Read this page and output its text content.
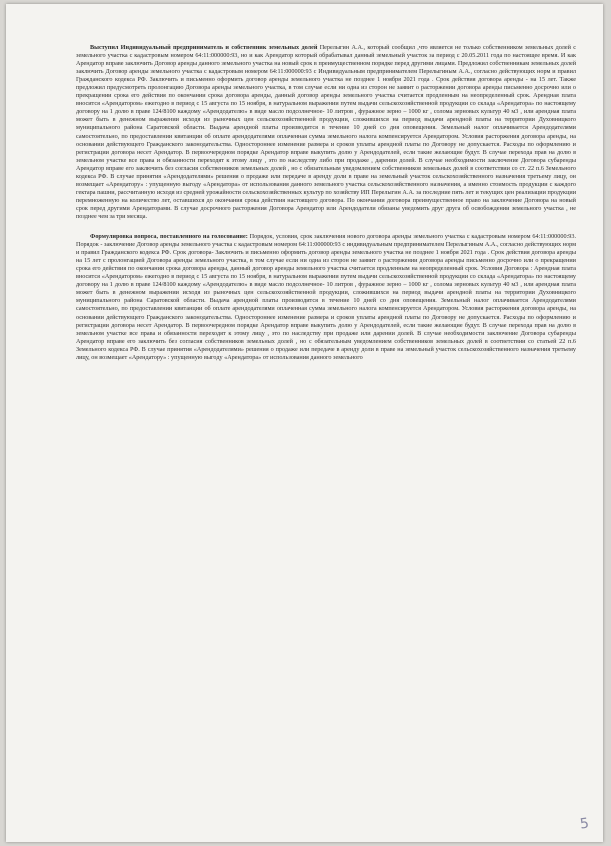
Выступил Индивидуальный предприниматель и собственник земельных долей Перелыгин А.А., который сообщил ,что является не только собственником земельных долей с земельного участка с кадастровым номером 64:11:000000:93, но и как Арендатор который обрабатывал данный земельный участок за период с 20.05.2011 года по настоящее время. И как Арендатор вправе заключить Договор аренды данного земельного участка на новый срок в преимущественном порядке перед другими лицами. Предложил собственникам земельных долей заключить Договор аренды земельного участка с кадастровым номером 64:11:000000:93 с Индивидуальным предпринимателем Перелыгиным А.А., согласно действующих норм и правил Гражданского кодекса РФ. Заключить и письменно оформить договор аренды земельного участка не позднее 1 ноября 2021 года . Срок действия договора аренды - на 15 лет. Также предложил предусмотреть пролонгацию Договора аренды земельного участка, в том случае если ни одна из сторон не заявит о расторжении договора аренды письменно досрочно или о прекращении срока его действия по окончании срока договора аренды, данный договор аренды земельного участка считается продленным на неопределенный срок. Арендная плата вносится «Арендатором» ежегодно в период с 15 августа по 15 ноября, в натуральном выражении путем выдачи сельскохозяйственной продукции со склада «Арендатора» по настоящему договору на 1 долю в праве 124/8100 каждому «Арендодателю» в виде масло подсолнечное- 10 литров , фуражное зерно – 1000 кг , солома зерновых культур 40 м3 , или арендная плата может быть в денежном выражении исходя из рыночных цен сельскохозяйственной продукции, сложившихся на период выдачи арендной платы на территории Духовницкого муниципального района Саратовской области. Выдача арендной платы производится в течение 10 дней со дня оповещения. Земельный налог оплачивается Арендодателями самостоятельно, по предоставлении квитанции об оплате арендодателями оплаченная сумма земельного налога компенсируется Арендатором. Условия расторжения договора аренды, на основании действующего Гражданского законодательства. Одностороннее изменение размера и сроков уплаты арендной платы по Договору не допускается. Расходы по оформлению и регистрации договора несет Арендатор. В первоочередном порядке Арендатор вправе выкупить долю у Арендодателей, если такие желающие будут. В случае перехода прав на долю в земельном участке все права и обязанности переходят к этому лицу , это по наследству либо при продаже , дарении долей. В случае необходимости заключение Договора субаренды Арендатор вправе его заключить без согласия собственников земельных долей , но с обязательным уведомлением собственников земельных долей в соответствии со ст. 22 п.6 Земельного кодекса РФ. В случае принятия «Арендодателями» решения о продаже или передаче в аренду доли в праве на земельный участок сельскохозяйственного назначения третьему лицу, он возмещает «Арендатору» : упущенную выгоду «Арендатора» от использования данного земельного участка сельскохозяйственного назначения, а именно стоимость продукции с каждого гектара пашни, рассчитанную исходя из средней урожайности сельскохозяйственных культур по хозяйству ИП Перелыгин А.А. за последние пять лет и текущих цен реализации продукции перемноженную на количество лет, оставшихся до окончания срока действия настоящего договора. По окончании договора преимущественное право на заключение Договора на новый срок перед другими Арендаторами. В случае досрочного расторжения Договора Арендатор или Арендодатели обязаны уведомить друг друга об освобождении земельного участка , не позднее чем за три месяца.

Формулировка вопроса, поставленного на голосование: Порядок, условия, срок заключения нового договора аренды земельного участка с кадастровым номером 64:11:000000:93. Порядок - заключение Договор аренды земельного участка с кадастровым номером 64:11:000000:93 с индивидуальным предпринимателем Перелыгиным А.А., согласно действующих норм и правил Гражданского кодекса РФ. Срок договора- Заключить и письменно оформить договор аренды земельного участка не позднее 1 ноября 2021 года . Срок действия договора аренды на 15 лет с пролонгацией Договора аренды земельного участка, в том случае если ни одна из сторон не заявит о расторжении договора аренды письменно досрочно или о прекращении срока его действия по окончании срока договора аренды, данный договор аренды земельного участка считается продленным на неопределенный срок. Условия Договора : Арендная плата вносится «Арендатором» ежегодно в период с 15 августа по 15 ноября, в натуральном выражении путем выдачи сельскохозяйственной продукции со склада «Арендатора» по настоящему договору на 1 долю в праве 124/8100 каждому «Арендодателю» в виде масло подсолнечное- 10 литров , фуражное зерно – 1000 кг , солома зерновых культур 40 м3 , или арендная плата может быть в денежном выражении исходя из рыночных цен сельскохозяйственной продукции, сложившихся на период выдачи арендной платы на территории Духовницкого муниципального района Саратовской области. Выдача арендной платы производится в течение 10 дней со дня оповещения. Земельный налог оплачивается Арендодателями самостоятельно, по предоставлении квитанции об оплате арендодателями оплаченная сумма земельного налога компенсируется Арендатором. Условия расторжения договора аренды, на основании действующего Гражданского законодательства. Одностороннее изменение размера и сроков уплаты арендной платы по Договору не допускается. Расходы по оформлению и регистрации договора несет Арендатор. В первоочередном порядке Арендатор вправе выкупить долю у Арендодателей, если такие желающие будут. В случае перехода прав на долю в земельном участке все права и обязанности переходят к этому лицу , это по наследству при продаже или дарении долей. В случае необходимости заключение Договора субаренды Арендатор вправе его заключить без согласия собственников земельных долей , но с обязательным уведомлением собственников земельных долей в соответствии со статьей 22 п.6 Земельного кодекса РФ. В случае принятия «Арендодателями» решения о продаже или передаче в аренду доли в праве на земельный участок сельскохозяйственного назначения третьему лицу, он возмещает «Арендатору» : упущенную выгоду «Арендатора» от использования данного земельного

5
